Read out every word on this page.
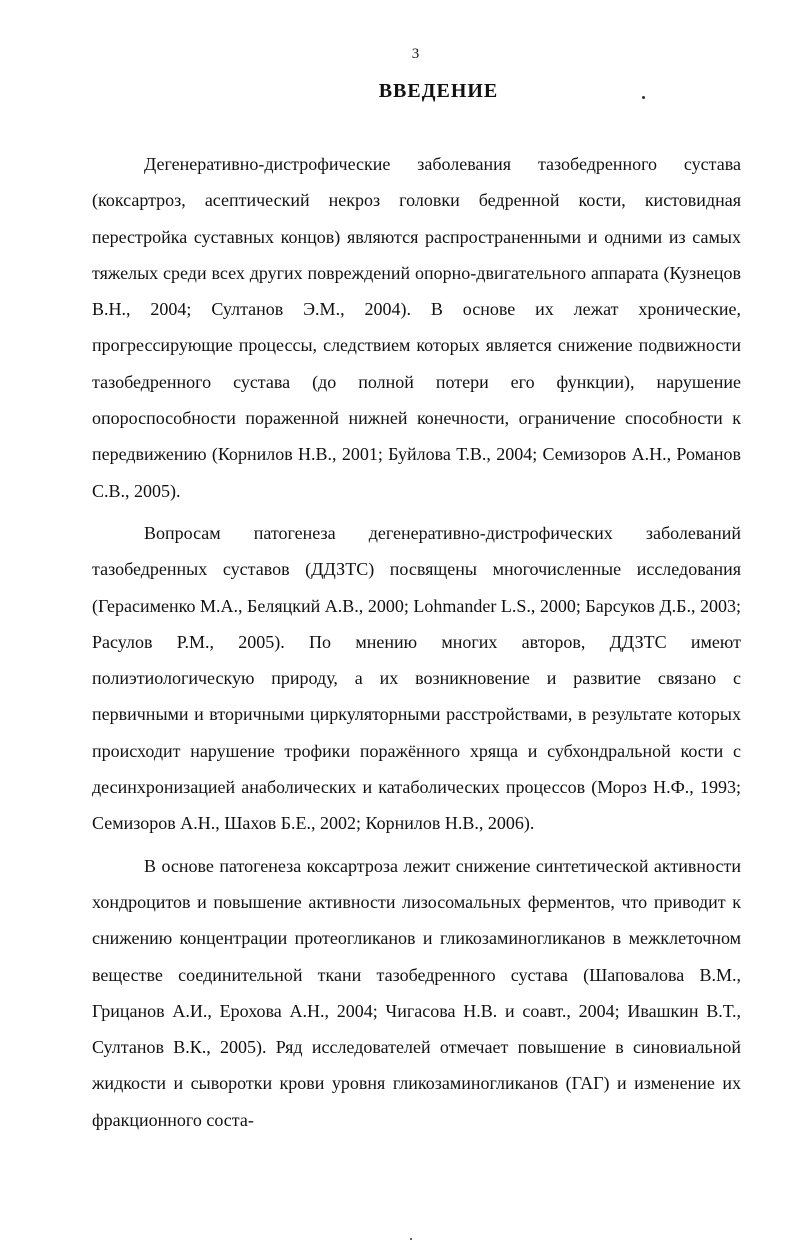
3
ВВЕДЕНИЕ

Дегенеративно-дистрофические заболевания тазобедренного сустава (коксартроз, асептический некроз головки бедренной кости, кистовидная перестройка суставных концов) являются распространенными и одними из самых тяжелых среди всех других повреждений опорно-двигательного аппарата (Кузнецов В.Н., 2004; Султанов Э.М., 2004). В основе их лежат хронические, прогрессирующие процессы, следствием которых является снижение подвижности тазобедренного сустава (до полной потери его функции), нарушение опороспособности пораженной нижней конечности, ограничение способности к передвижению (Корнилов Н.В., 2001; Буйлова Т.В., 2004; Семизоров А.Н., Романов С.В., 2005).

Вопросам патогенеза дегенеративно-дистрофических заболеваний тазобедренных суставов (ДДЗТС) посвящены многочисленные исследования (Герасименко М.А., Беляцкий А.В., 2000; Lohmander L.S., 2000; Барсуков Д.Б., 2003; Расулов Р.М., 2005). По мнению многих авторов, ДДЗТС имеют полиэтиологическую природу, а их возникновение и развитие связано с первичными и вторичными циркуляторными расстройствами, в результате которых происходит нарушение трофики поражённого хряща и субхондральной кости с десинхронизацией анаболических и катаболических процессов (Мороз Н.Ф., 1993; Семизоров А.Н., Шахов Б.Е., 2002; Корнилов Н.В., 2006).

В основе патогенеза коксартроза лежит снижение синтетической активности хондроцитов и повышение активности лизосомальных ферментов, что приводит к снижению концентрации протеогликанов и гликозаминогликанов в межклеточном веществе соединительной ткани тазобедренного сустава (Шаповалова В.М., Грицанов А.И., Ерохова А.Н., 2004; Чигасова Н.В. и соавт., 2004; Ивашкин В.Т., Султанов В.К., 2005). Ряд исследователей отмечает повышение в синовиальной жидкости и сыворотки крови уровня гликозаминогликанов (ГАГ) и изменение их фракционного соста-
